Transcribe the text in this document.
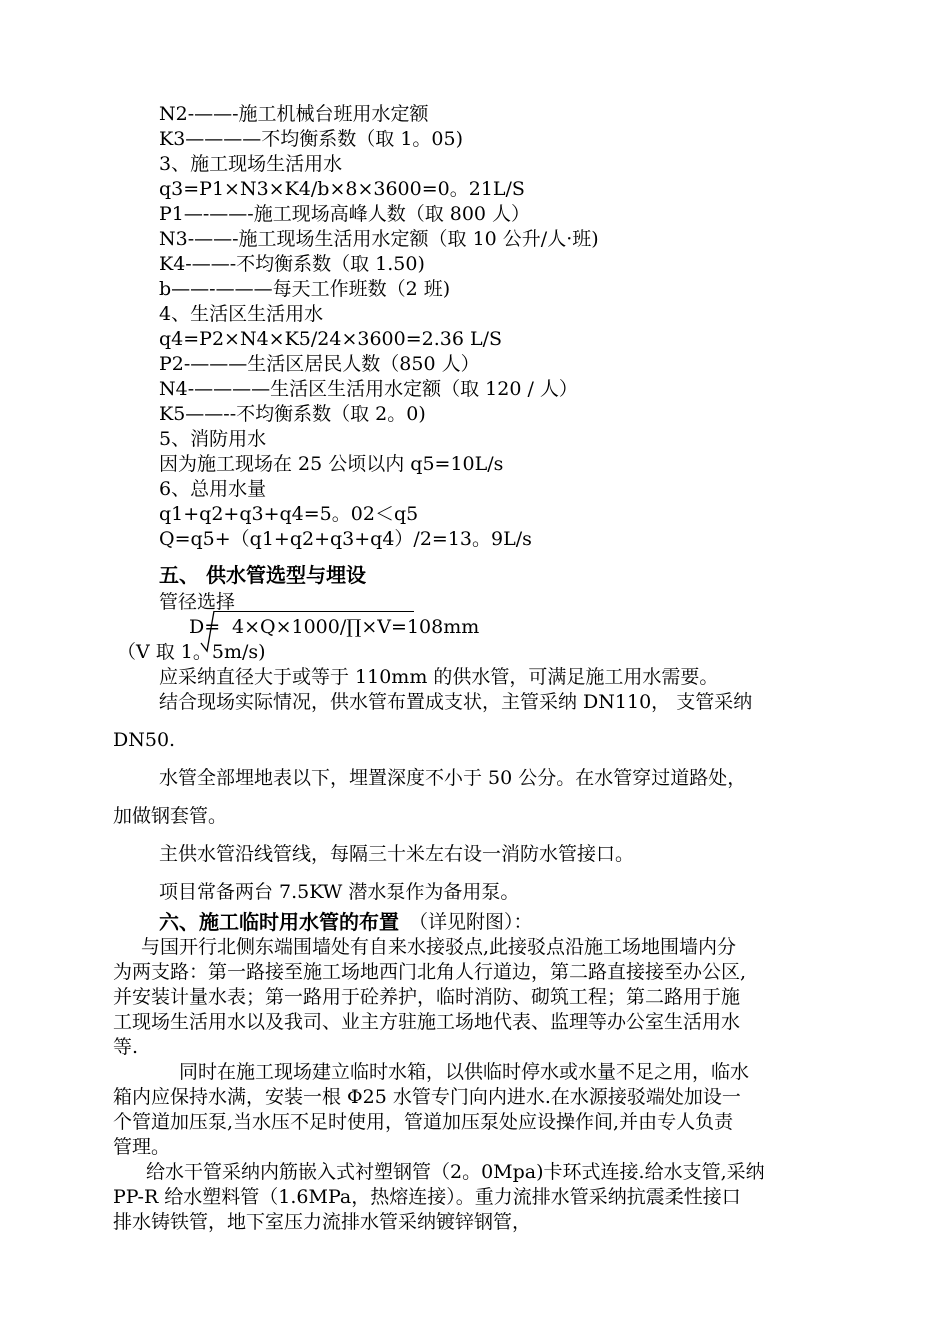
N2-——-施工机械台班用水定额
K3————不均衡系数（取 1。05)
3、施工现场生活用水
q3=P1×N3×K4/b×8×3600=0。21L/S
P1—-——-施工现场高峰人数（取 800 人）
N3-——-施工现场生活用水定额（取 10 公升/人·班)
K4-——-不均衡系数（取 1.50)
b——-———每天工作班数（2 班)
4、生活区生活用水
q4=P2×N4×K5/24×3600=2.36 L/S
P2-———生活区居民人数（850 人）
N4-————生活区生活用水定额（取 120 / 人）
K5——--不均衡系数（取 2。0)
5、消防用水
因为施工现场在 25 公顷以内 q5=10L/s
6、总用水量
q1+q2+q3+q4=5。02＜q5
Q=q5+（q1+q2+q3+q4）/2=13。9L/s
五、 供水管选型与埋设
管径选择
D= 4×Q×1000/∏×V=108mm
（V 取 1。5m/s)
应采纳直径大于或等于 110mm 的供水管，可满足施工用水需要。
结合现场实际情况，供水管布置成支状，主管采纳 DN110， 支管采纳
DN50.
水管全部埋地表以下，埋置深度不小于 50 公分。在水管穿过道路处，
加做钢套管。
主供水管沿线管线，每隔三十米左右设一消防水管接口。
项目常备两台 7.5KW 潜水泵作为备用泵。
六、施工临时用水管的布置 （详见附图）：
与国开行北侧东端围墙处有自来水接驳点,此接驳点沿施工场地围墙内分
为两支路：第一路接至施工场地西门北角人行道边，第二路直接接至办公区,
并安装计量水表；第一路用于砼养护，临时消防、砌筑工程；第二路用于施
工现场生活用水以及我司、业主方驻施工场地代表、监理等办公室生活用水
等.
同时在施工现场建立临时水箱，以供临时停水或水量不足之用，临水
箱内应保持水满，安装一根 Φ25 水管专门向内进水.在水源接驳端处加设一
个管道加压泵,当水压不足时使用，管道加压泵处应设操作间,并由专人负责
管理。
给水干管采纳内筋嵌入式衬塑钢管（2。0Mpa)卡环式连接.给水支管,采纳
PP-R 给水塑料管（1.6MPa，热熔连接）。重力流排水管采纳抗震柔性接口
排水铸铁管，地下室压力流排水管采纳镀锌钢管，
